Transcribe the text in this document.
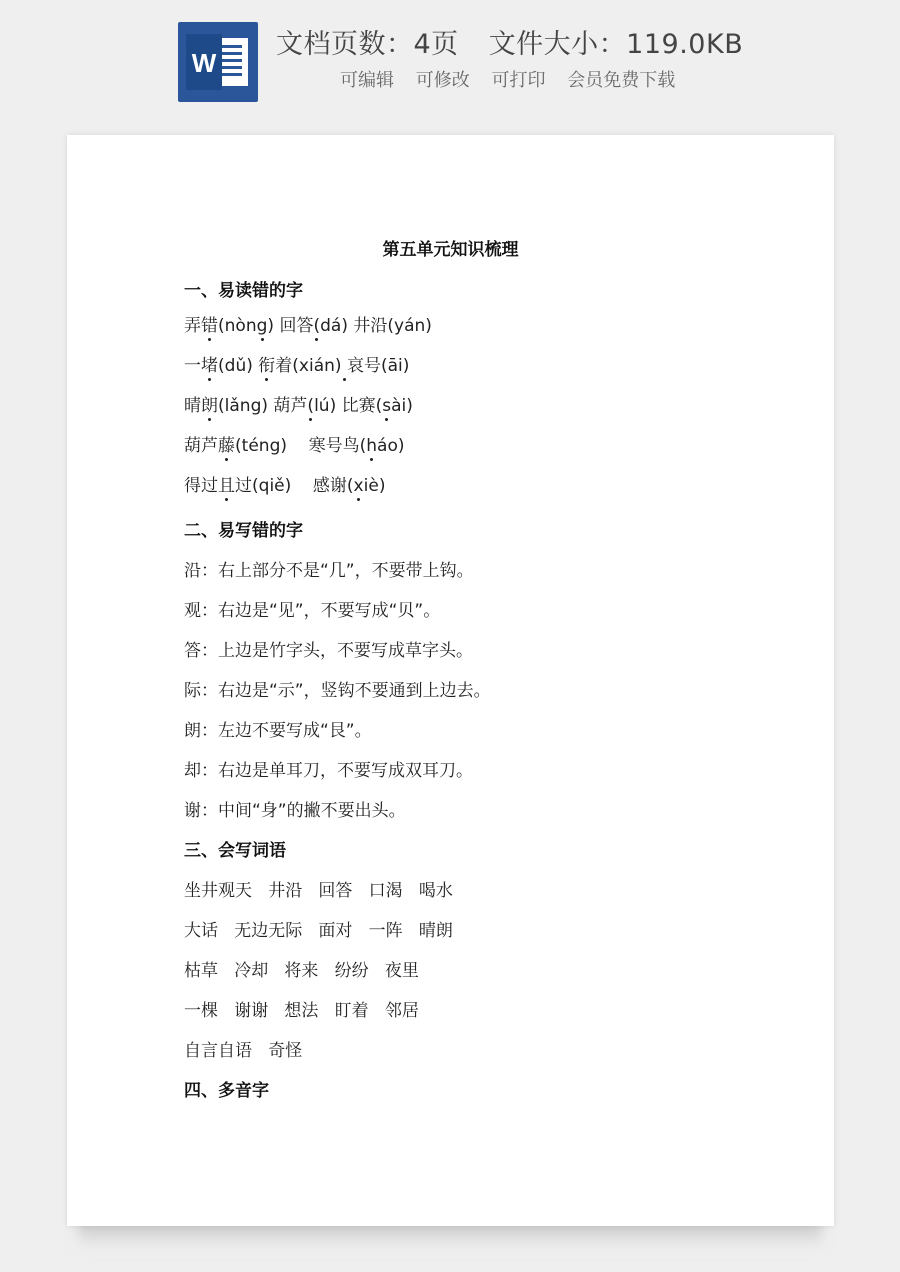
W
文档页数：4页 文件大小：119.0KB
可编辑 可修改 可打印 会员免费下载
第五单元知识梳理
一、易读错的字
弄错(nòng) 回答(dá) 井沿(yán)
一堵(dǔ) 衔着(xián) 哀号(āi)
晴朗(lǎng) 葫芦(lú) 比赛(sài)
葫芦藤(téng) 寒号鸟(háo)
得过且过(qiě) 感谢(xiè)
二、易写错的字
沿：右上部分不是“几”，不要带上钩。
观：右边是“见”，不要写成“贝”。
答：上边是竹字头，不要写成草字头。
际：右边是“示”，竖钩不要通到上边去。
朗：左边不要写成“艮”。
却：右边是单耳刀，不要写成双耳刀。
谢：中间“身”的撇不要出头。
三、会写词语
坐井观天   井沿   回答   口渴   喝水
大话   无边无际   面对   一阵   晴朗
枯草   冷却   将来   纷纷   夜里
一棵   谢谢   想法   盯着   邻居
自言自语   奇怪
四、多音字
